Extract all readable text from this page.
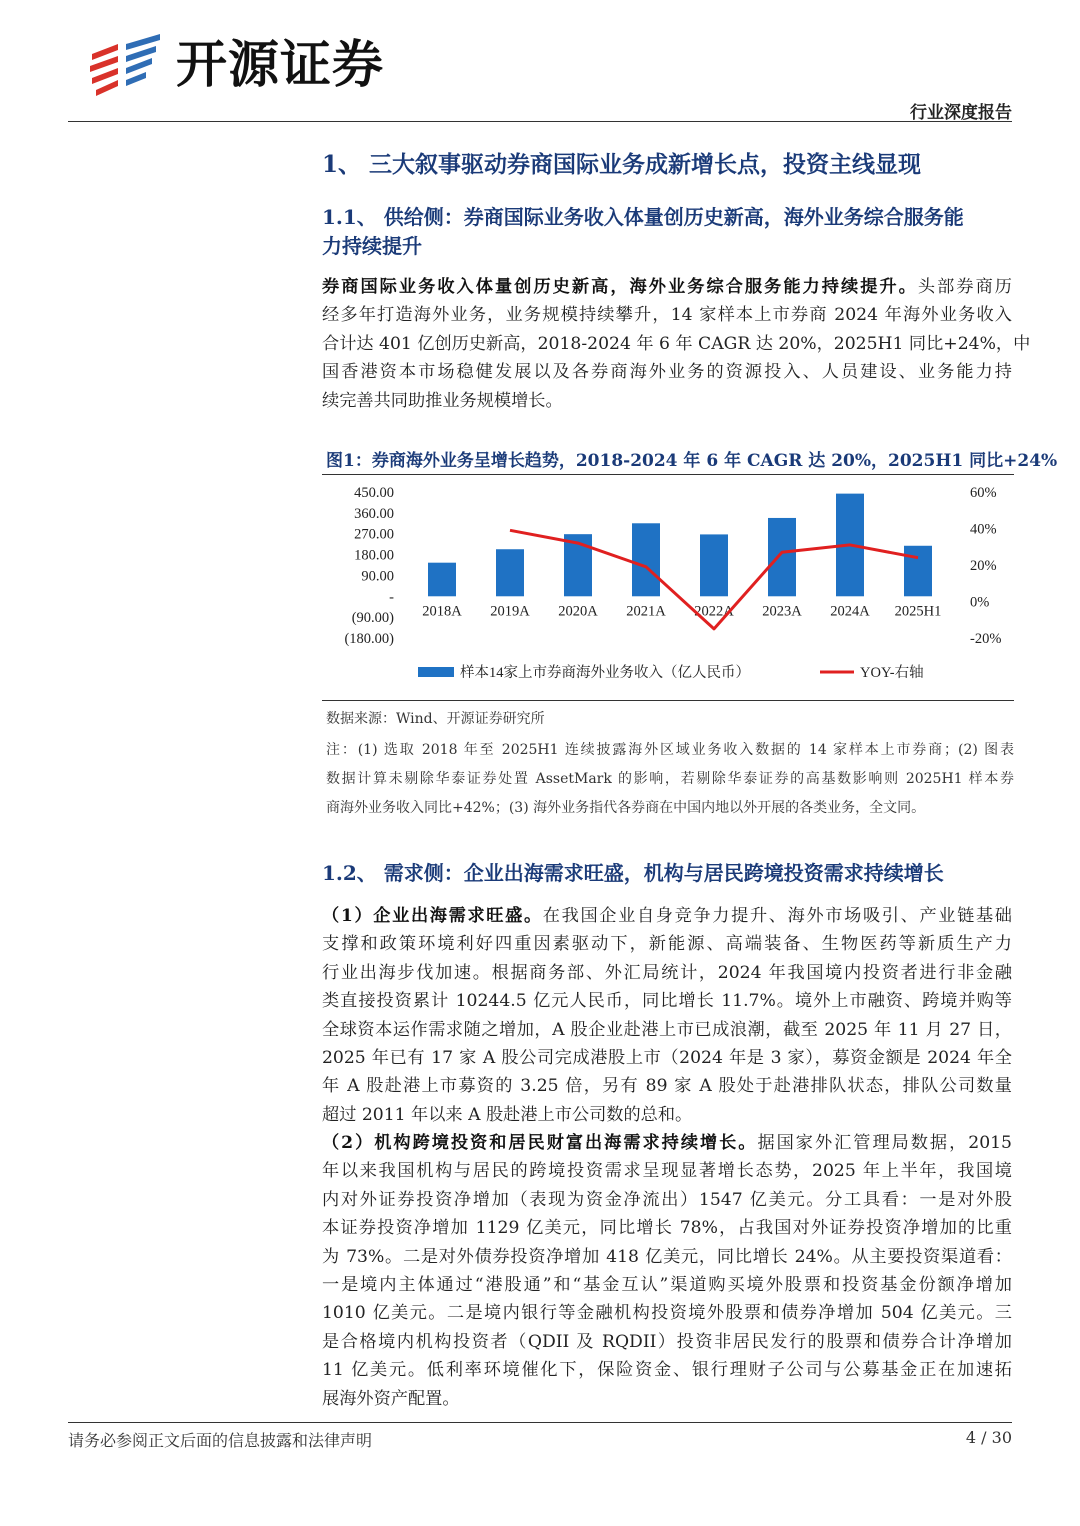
开源证券
行业深度报告
1、 三大叙事驱动券商国际业务成新增长点，投资主线显现
1.1、 供给侧：券商国际业务收入体量创历史新高，海外业务综合服务能
力持续提升
券商国际业务收入体量创历史新高，海外业务综合服务能力持续提升。头部券商历
经多年打造海外业务，业务规模持续攀升，14 家样本上市券商 2024 年海外业务收入
合计达 401 亿创历史新高，2018-2024 年 6 年 CAGR 达 20%，2025H1 同比+24%，中
国香港资本市场稳健发展以及各券商海外业务的资源投入、人员建设、业务能力持
续完善共同助推业务规模增长。
图1：券商海外业务呈增长趋势，2018-2024 年 6 年 CAGR 达 20%，2025H1 同比+24%
450.00
360.00
270.00
180.00
90.00
-
(90.00)
(180.00)
60%
40%
20%
0%
-20%
2018A 2019A 2020A 2021A 2022A 2023A 2024A 2025H1
样本14家上市券商海外业务收入（亿人民币）	YOY-右轴
数据来源：Wind、开源证券研究所
注：(1) 选取 2018 年至 2025H1 连续披露海外区域业务收入数据的 14 家样本上市券商；(2) 图表
数据计算未剔除华泰证券处置 AssetMark 的影响，若剔除华泰证券的高基数影响则 2025H1 样本券
商海外业务收入同比+42%；(3) 海外业务指代各券商在中国内地以外开展的各类业务，全文同。
1.2、 需求侧：企业出海需求旺盛，机构与居民跨境投资需求持续增长
（1）企业出海需求旺盛。在我国企业自身竞争力提升、海外市场吸引、产业链基础
支撑和政策环境利好四重因素驱动下，新能源、高端装备、生物医药等新质生产力
行业出海步伐加速。根据商务部、外汇局统计，2024 年我国境内投资者进行非金融
类直接投资累计 10244.5 亿元人民币，同比增长 11.7%。境外上市融资、跨境并购等
全球资本运作需求随之增加，A 股企业赴港上市已成浪潮，截至 2025 年 11 月 27 日，
2025 年已有 17 家 A 股公司完成港股上市（2024 年是 3 家），募资金额是 2024 年全
年 A 股赴港上市募资的 3.25 倍，另有 89 家 A 股处于赴港排队状态，排队公司数量
超过 2011 年以来 A 股赴港上市公司数的总和。
（2）机构跨境投资和居民财富出海需求持续增长。据国家外汇管理局数据，2015
年以来我国机构与居民的跨境投资需求呈现显著增长态势，2025 年上半年，我国境
内对外证券投资净增加（表现为资金净流出）1547 亿美元。分工具看：一是对外股
本证券投资净增加 1129 亿美元，同比增长 78%，占我国对外证券投资净增加的比重
为 73%。二是对外债券投资净增加 418 亿美元，同比增长 24%。从主要投资渠道看：
一是境内主体通过“港股通”和“基金互认”渠道购买境外股票和投资基金份额净增加
1010 亿美元。二是境内银行等金融机构投资境外股票和债券净增加 504 亿美元。三
是合格境内机构投资者（QDII 及 RQDII）投资非居民发行的股票和债券合计净增加
11 亿美元。低利率环境催化下，保险资金、银行理财子公司与公募基金正在加速拓
展海外资产配置。
请务必参阅正文后面的信息披露和法律声明	4 / 30
